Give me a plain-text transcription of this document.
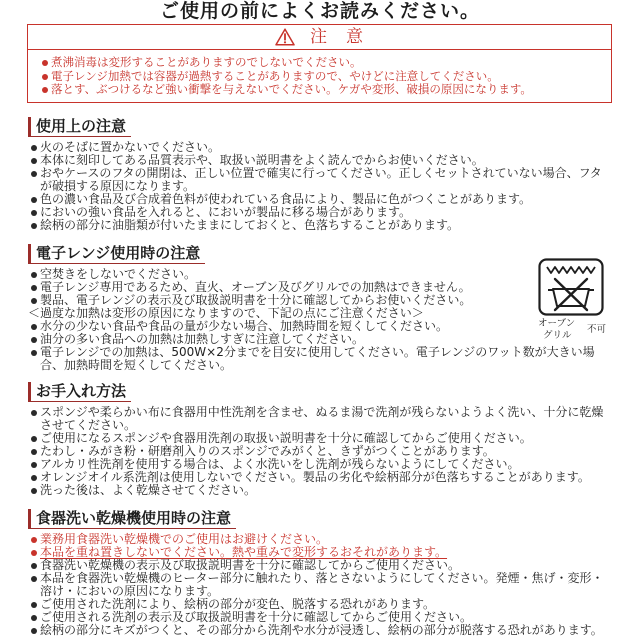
ご使用の前によくお読みください。
注　意
煮沸消毒は変形することがありますのでしないでください。
電子レンジ加熱では容器が過熱することがありますので、やけどに注意してください。
落とす、ぶつけるなど強い衝撃を与えないでください。ケガや変形、破損の原因になります。
使用上の注意
火のそばに置かないでください。
本体に刻印してある品質表示や、取扱い説明書をよく読んでからお使いください。
おやケースのフタの開閉は、正しい位置で確実に行ってください。正しくセットされていない場合、フタが破損する原因になります。
色の濃い食品及び合成着色料が使われている食品により、製品に色がつくことがあります。
においの強い食品を入れると、においが製品に移る場合があります。
絵柄の部分に油脂類が付いたままにしておくと、色落ちすることがあります。
電子レンジ使用時の注意
空焚きをしないでください。
電子レンジ専用であるため、直火、オーブン及びグリルでの加熱はできません。
製品、電子レンジの表示及び取扱説明書を十分に確認してからお使いください。
＜過度な加熱は変形の原因になりますので、下記の点にご注意ください＞
水分の少ない食品や食品の量が少ない場合、加熱時間を短くしてください。
油分の多い食品への加熱は加熱しすぎに注意してください。
電子レンジでの加熱は、500W×2分までを目安に使用してください。電子レンジのワット数が大きい場合、加熱時間を短くしてください。
オーブン
グリル
不可
お手入れ方法
スポンジや柔らかい布に食器用中性洗剤を含ませ、ぬるま湯で洗剤が残らないようよく洗い、十分に乾燥させてください。
ご使用になるスポンジや食器用洗剤の取扱い説明書を十分に確認してからご使用ください。
たわし・みがき粉・研磨剤入りのスポンジでみがくと、きずがつくことがあります。
アルカリ性洗剤を使用する場合は、よく水洗いをし洗剤が残らないようにしてください。
オレンジオイル系洗剤は使用しないでください。製品の劣化や絵柄部分が色落ちすることがあります。
洗った後は、よく乾燥させてください。
食器洗い乾燥機使用時の注意
業務用食器洗い乾燥機でのご使用はお避けください。
本品を重ね置きしないでください。熱や重みで変形するおそれがあります。
食器洗い乾燥機の表示及び取扱説明書を十分に確認してからご使用ください。
本品を食器洗い乾燥機のヒーター部分に触れたり、落とさないようにしてください。発煙・焦げ・変形・溶け・においの原因になります。
ご使用された洗剤により、絵柄の部分が変色、脱落する恐れがあります。
ご使用される洗剤の表示及び取扱説明書を十分に確認してからご使用ください。
絵柄の部分にキズがつくと、その部分から洗剤や水分が浸透し、絵柄の部分が脱落する恐れがあります。
